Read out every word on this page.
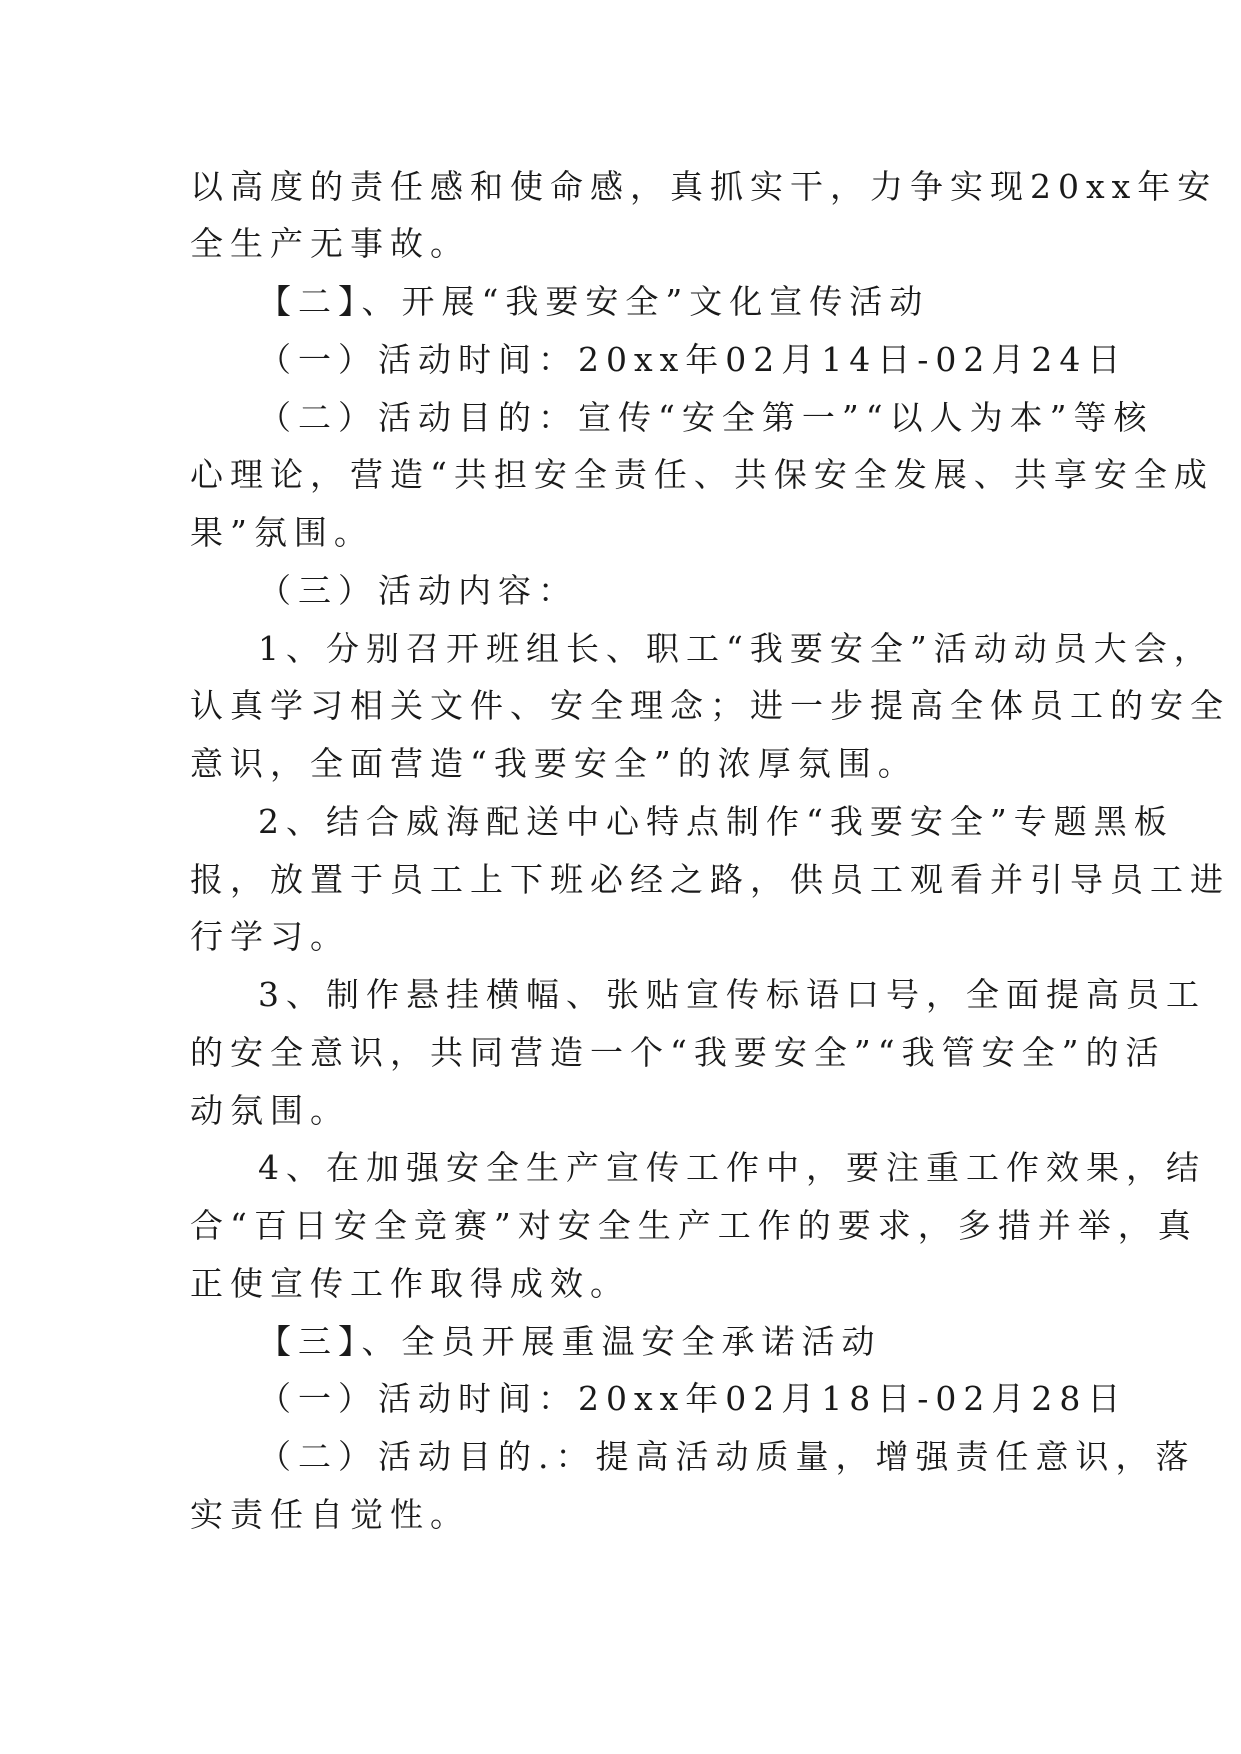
以高度的责任感和使命感，真抓实干，力争实现20xx年安
全生产无事故。
【二】、开展“我要安全”文化宣传活动
（一）活动时间：20xx年02月14日-02月24日
（二）活动目的：宣传“安全第一”“以人为本”等核
心理论，营造“共担安全责任、共保安全发展、共享安全成
果”氛围。
（三）活动内容：
1、分别召开班组长、职工“我要安全”活动动员大会，
认真学习相关文件、安全理念；进一步提高全体员工的安全
意识，全面营造“我要安全”的浓厚氛围。
2、结合威海配送中心特点制作“我要安全”专题黑板
报，放置于员工上下班必经之路，供员工观看并引导员工进
行学习。
3、制作悬挂横幅、张贴宣传标语口号，全面提高员工
的安全意识，共同营造一个“我要安全”“我管安全”的活
动氛围。
4、在加强安全生产宣传工作中，要注重工作效果，结
合“百日安全竞赛”对安全生产工作的要求，多措并举，真
正使宣传工作取得成效。
【三】、全员开展重温安全承诺活动
（一）活动时间：20xx年02月18日-02月28日
（二）活动目的.：提高活动质量，增强责任意识，落
实责任自觉性。
